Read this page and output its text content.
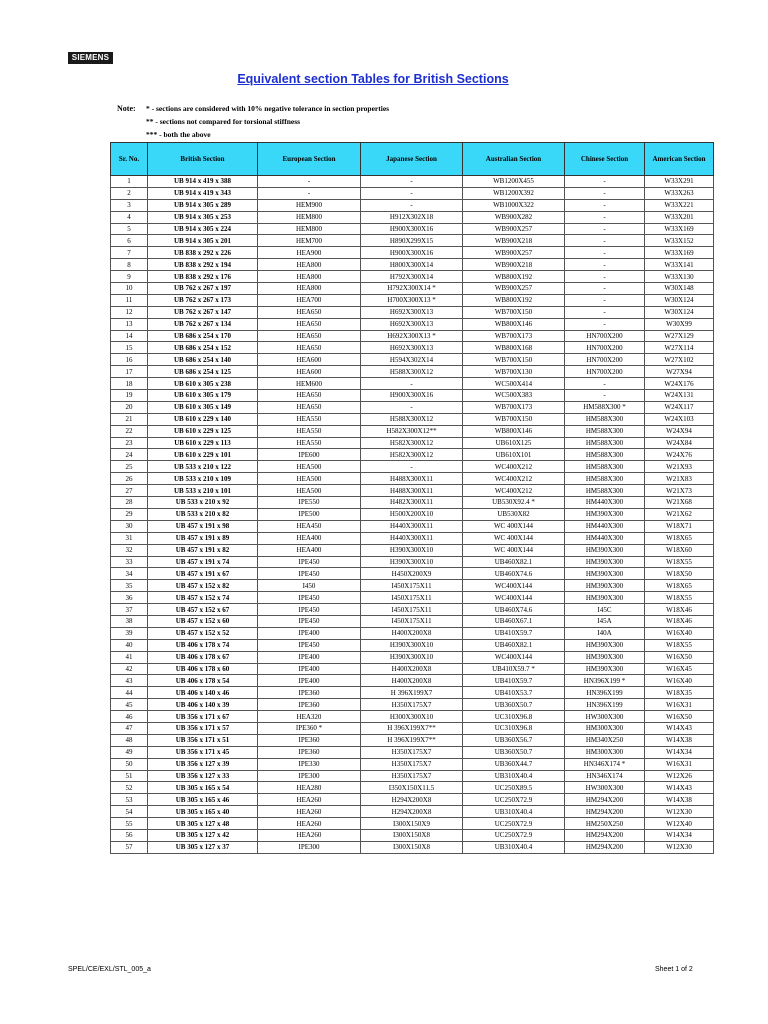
SIEMENS
Equivalent section Tables for British Sections
Note: * - sections are considered with 10% negative tolerance in section properties
** - sections not compared for torsional stiffness
*** - both the above
Sr. No.	British Section	European Section	Japanese Section	Australian Section	Chinese Section	American Section
1	UB 914 x 419 x 388	-	-	WB1200X455	-	W33X291
2	UB 914 x 419 x 343	-	-	WB1200X392	-	W33X263
3	UB 914 x 305 x 289	HEM900	-	WB1000X322	-	W33X221
4	UB 914 x 305 x 253	HEM800	H912X302X18	WB900X282	-	W33X201
5	UB 914 x 305 x 224	HEM800	H900X300X16	WB900X257	-	W33X169
6	UB 914 x 305 x 201	HEM700	H890X299X15	WB900X218	-	W33X152
7	UB 838 x 292 x 226	HEA900	H900X300X16	WB900X257	-	W33X169
8	UB 838 x 292 x 194	HEA800	H800X300X14	WB900X218	-	W33X141
9	UB 838 x 292 x 176	HEA800	H792X300X14	WB800X192	-	W33X130
10	UB 762 x 267 x 197	HEA800	H792X300X14 *	WB900X257	-	W30X148
11	UB 762 x 267 x 173	HEA700	H700X300X13 *	WB800X192	-	W30X124
12	UB 762 x 267 x 147	HEA650	H692X300X13	WB700X150	-	W30X124
13	UB 762 x 267 x 134	HEA650	H692X300X13	WB800X146	-	W30X99
14	UB 686 x 254 x 170	HEA650	H692X300X13 *	WB700X173	HN700X200	W27X129
15	UB 686 x 254 x 152	HEA650	H692X300X13	WB800X168	HN700X200	W27X114
16	UB 686 x 254 x 140	HEA600	H594X302X14	WB700X150	HN700X200	W27X102
17	UB 686 x 254 x 125	HEA600	H588X300X12	WB700X130	HN700X200	W27X94
18	UB 610 x 305 x 238	HEM600	-	WC500X414	-	W24X176
19	UB 610 x 305 x 179	HEA650	H900X300X16	WC500X383	-	W24X131
20	UB 610 x 305 x 149	HEA650	-	WB700X173	HM588X300 *	W24X117
21	UB 610 x 229 x 140	HEA550	H588X300X12	WB700X150	HM588X300	W24X103
22	UB 610 x 229 x 125	HEA550	H582X300X12**	WB800X146	HM588X300	W24X94
23	UB 610 x 229 x 113	HEA550	H582X300X12	UB610X125	HM588X300	W24X84
24	UB 610 x 229 x 101	IPE600	H582X300X12	UB610X101	HM588X300	W24X76
25	UB 533 x 210 x 122	HEA500	-	WC400X212	HM588X300	W21X93
26	UB 533 x 210 x 109	HEA500	H488X300X11	WC400X212	HM588X300	W21X83
27	UB 533 x 210 x 101	HEA500	H488X300X11	WC400X212	HM588X300	W21X73
28	UB 533 x 210 x 92	IPE550	H482X300X11	UB530X92.4 *	HM440X300	W21X68
29	UB 533 x 210 x 82	IPE500	H500X200X10	UB530X82	HM390X300	W21X62
30	UB 457 x 191 x 98	HEA450	H440X300X11	WC 400X144	HM440X300	W18X71
31	UB 457 x 191 x 89	HEA400	H440X300X11	WC 400X144	HM440X300	W18X65
32	UB 457 x 191 x 82	HEA400	H390X300X10	WC 400X144	HM390X300	W18X60
33	UB 457 x 191 x 74	IPE450	H390X300X10	UB460X82.1	HM390X300	W18X55
34	UB 457 x 191 x 67	IPE450	H450X200X9	UB460X74.6	HM390X300	W18X50
35	UB 457 x 152 x 82	I450	I450X175X11	WC400X144	HM390X300	W18X65
36	UB 457 x 152 x 74	IPE450	I450X175X11	WC400X144	HM390X300	W18X55
37	UB 457 x 152 x 67	IPE450	I450X175X11	UB460X74.6	I45C	W18X46
38	UB 457 x 152 x 60	IPE450	I450X175X11	UB460X67.1	I45A	W18X46
39	UB 457 x 152 x 52	IPE400	H400X200X8	UB410X59.7	I40A	W16X40
40	UB 406 x 178 x 74	IPE450	H390X300X10	UB460X82.1	HM390X300	W18X55
41	UB 406 x 178 x 67	IPE400	H390X300X10	WC400X144	HM390X300	W16X50
42	UB 406 x 178 x 60	IPE400	H400X200X8	UB410X59.7 *	HM390X300	W16X45
43	UB 406 x 178 x 54	IPE400	H400X200X8	UB410X59.7	HN396X199 *	W16X40
44	UB 406 x 140 x 46	IPE360	H 396X199X7	UB410X53.7	HN396X199	W18X35
45	UB 406 x 140 x 39	IPE360	H350X175X7	UB360X50.7	HN396X199	W16X31
46	UB 356 x 171 x 67	HEA320	H300X300X10	UC310X96.8	HW300X300	W16X50
47	UB 356 x 171 x 57	IPE360 *	H 396X199X7**	UC310X96.8	HM300X300	W14X43
48	UB 356 x 171 x 51	IPE360	H 396X199X7**	UB360X56.7	HM340X250	W14X38
49	UB 356 x 171 x 45	IPE360	H350X175X7	UB360X50.7	HM300X300	W14X34
50	UB 356 x 127 x 39	IPE330	H350X175X7	UB360X44.7	HN346X174 *	W16X31
51	UB 356 x 127 x 33	IPE300	H350X175X7	UB310X40.4	HN346X174	W12X26
52	UB 305 x 165 x 54	HEA280	I350X150X11.5	UC250X89.5	HW300X300	W14X43
53	UB 305 x 165 x 46	HEA260	H294X200X8	UC250X72.9	HM294X200	W14X38
54	UB 305 x 165 x 40	HEA260	H294X200X8	UB310X40.4	HM294X200	W12X30
55	UB 305 x 127 x 48	HEA260	I300X150X9	UC250X72.9	HM250X250	W12X40
56	UB 305 x 127 x 42	HEA260	I300X150X8	UC250X72.9	HM294X200	W14X34
57	UB 305 x 127 x 37	IPE300	I300X150X8	UB310X40.4	HM294X200	W12X30
SPEL/CE/EXL/STL_005_a	Sheet 1 of 2
